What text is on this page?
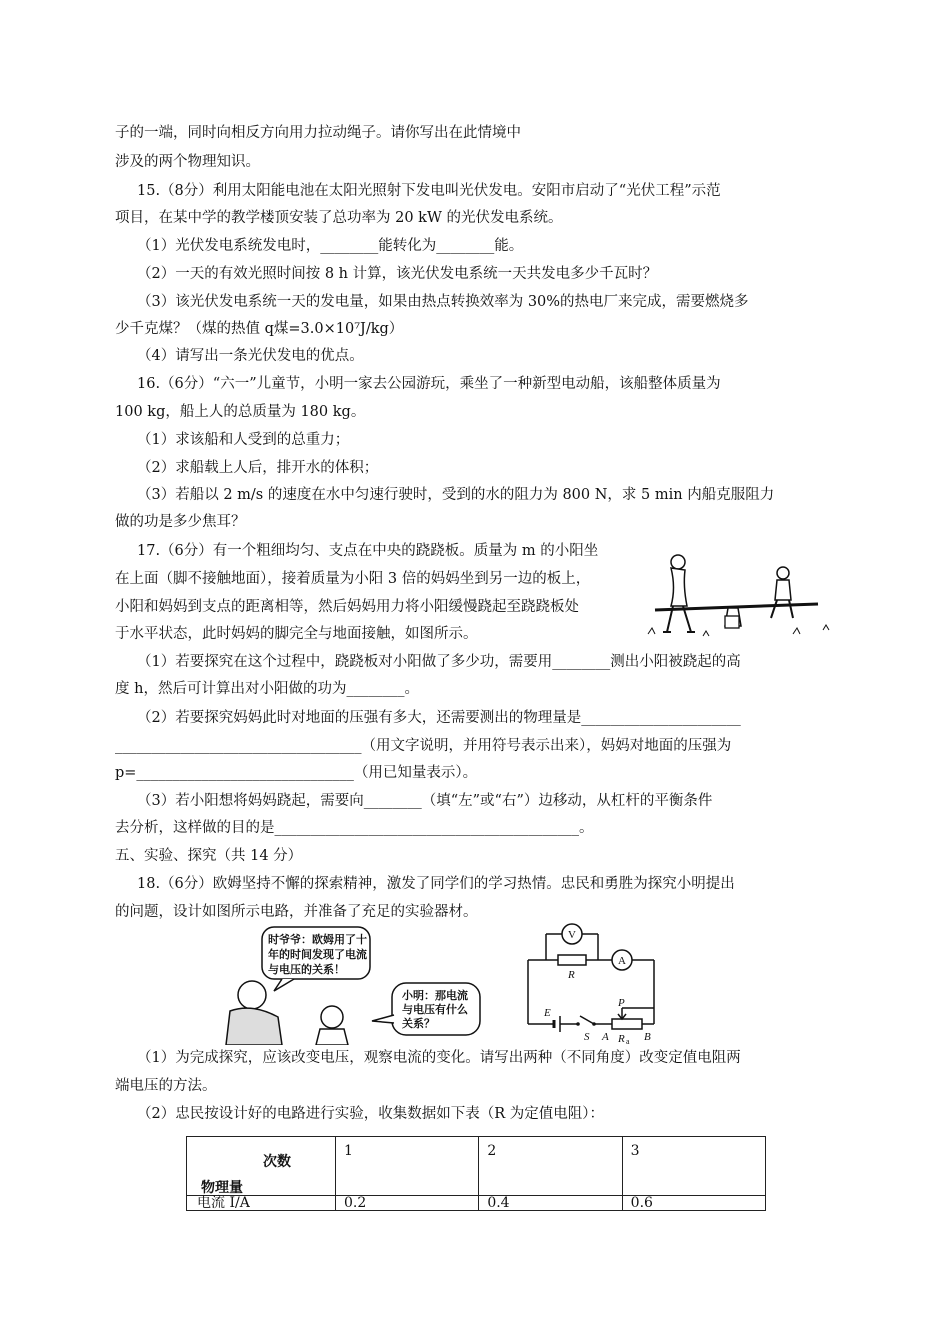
子的一端，同时向相反方向用力拉动绳子。请你写出在此情境中
涉及的两个物理知识。
15.（8分）利用太阳能电池在太阳光照射下发电叫光伏发电。安阳市启动了“光伏工程”示范
项目，在某中学的教学楼顶安装了总功率为 20 kW 的光伏发电系统。
（1）光伏发电系统发电时，________能转化为________能。
（2）一天的有效光照时间按 8 h 计算，该光伏发电系统一天共发电多少千瓦时？
（3）该光伏发电系统一天的发电量，如果由热点转换效率为 30%的热电厂来完成，需要燃烧多
少千克煤？（煤的热值 q煤=3.0×10⁷J/kg）
（4）请写出一条光伏发电的优点。
16.（6分）“六一”儿童节，小明一家去公园游玩，乘坐了一种新型电动船，该船整体质量为
100 kg，船上人的总质量为 180 kg。
（1）求该船和人受到的总重力；
（2）求船载上人后，排开水的体积；
（3）若船以 2 m/s 的速度在水中匀速行驶时，受到的水的阻力为 800 N，求 5 min 内船克服阻力
做的功是多少焦耳？
17.（6分）有一个粗细均匀、支点在中央的跷跷板。质量为 m 的小阳坐
在上面（脚不接触地面），接着质量为小阳 3 倍的妈妈坐到另一边的板上，
小阳和妈妈到支点的距离相等，然后妈妈用力将小阳缓慢跷起至跷跷板处
于水平状态，此时妈妈的脚完全与地面接触，如图所示。
（1）若要探究在这个过程中，跷跷板对小阳做了多少功，需要用________测出小阳被跷起的高
度 h，然后可计算出对小阳做的功为________。
（2）若要探究妈妈此时对地面的压强有多大，还需要测出的物理量是______________________
__________________________________（用文字说明，并用符号表示出来），妈妈对地面的压强为
p=______________________________（用已知量表示）。
（3）若小阳想将妈妈跷起，需要向________（填“左”或“右”）边移动，从杠杆的平衡条件
去分析，这样做的目的是__________________________________________。
五、实验、探究（共 14 分）
18.（6分）欧姆坚持不懈的探索精神，激发了同学们的学习热情。忠民和勇胜为探究小明提出
的问题，设计如图所示电路，并准备了充足的实验器材。
时爷爷：欧姆用了十
年的时间发现了电流
与电压的关系！
小明：那电流
与电压有什么
关系？
V
A
R
E
S A R a B
P
（1）为完成探究，应该改变电压，观察电流的变化。请写出两种（不同角度）改变定值电阻两
端电压的方法。
（2）忠民按设计好的电路进行实验，收集数据如下表（R 为定值电阻）：
次数
物理量	1	2	3
电流 I/A	0.2	0.4	0.6
